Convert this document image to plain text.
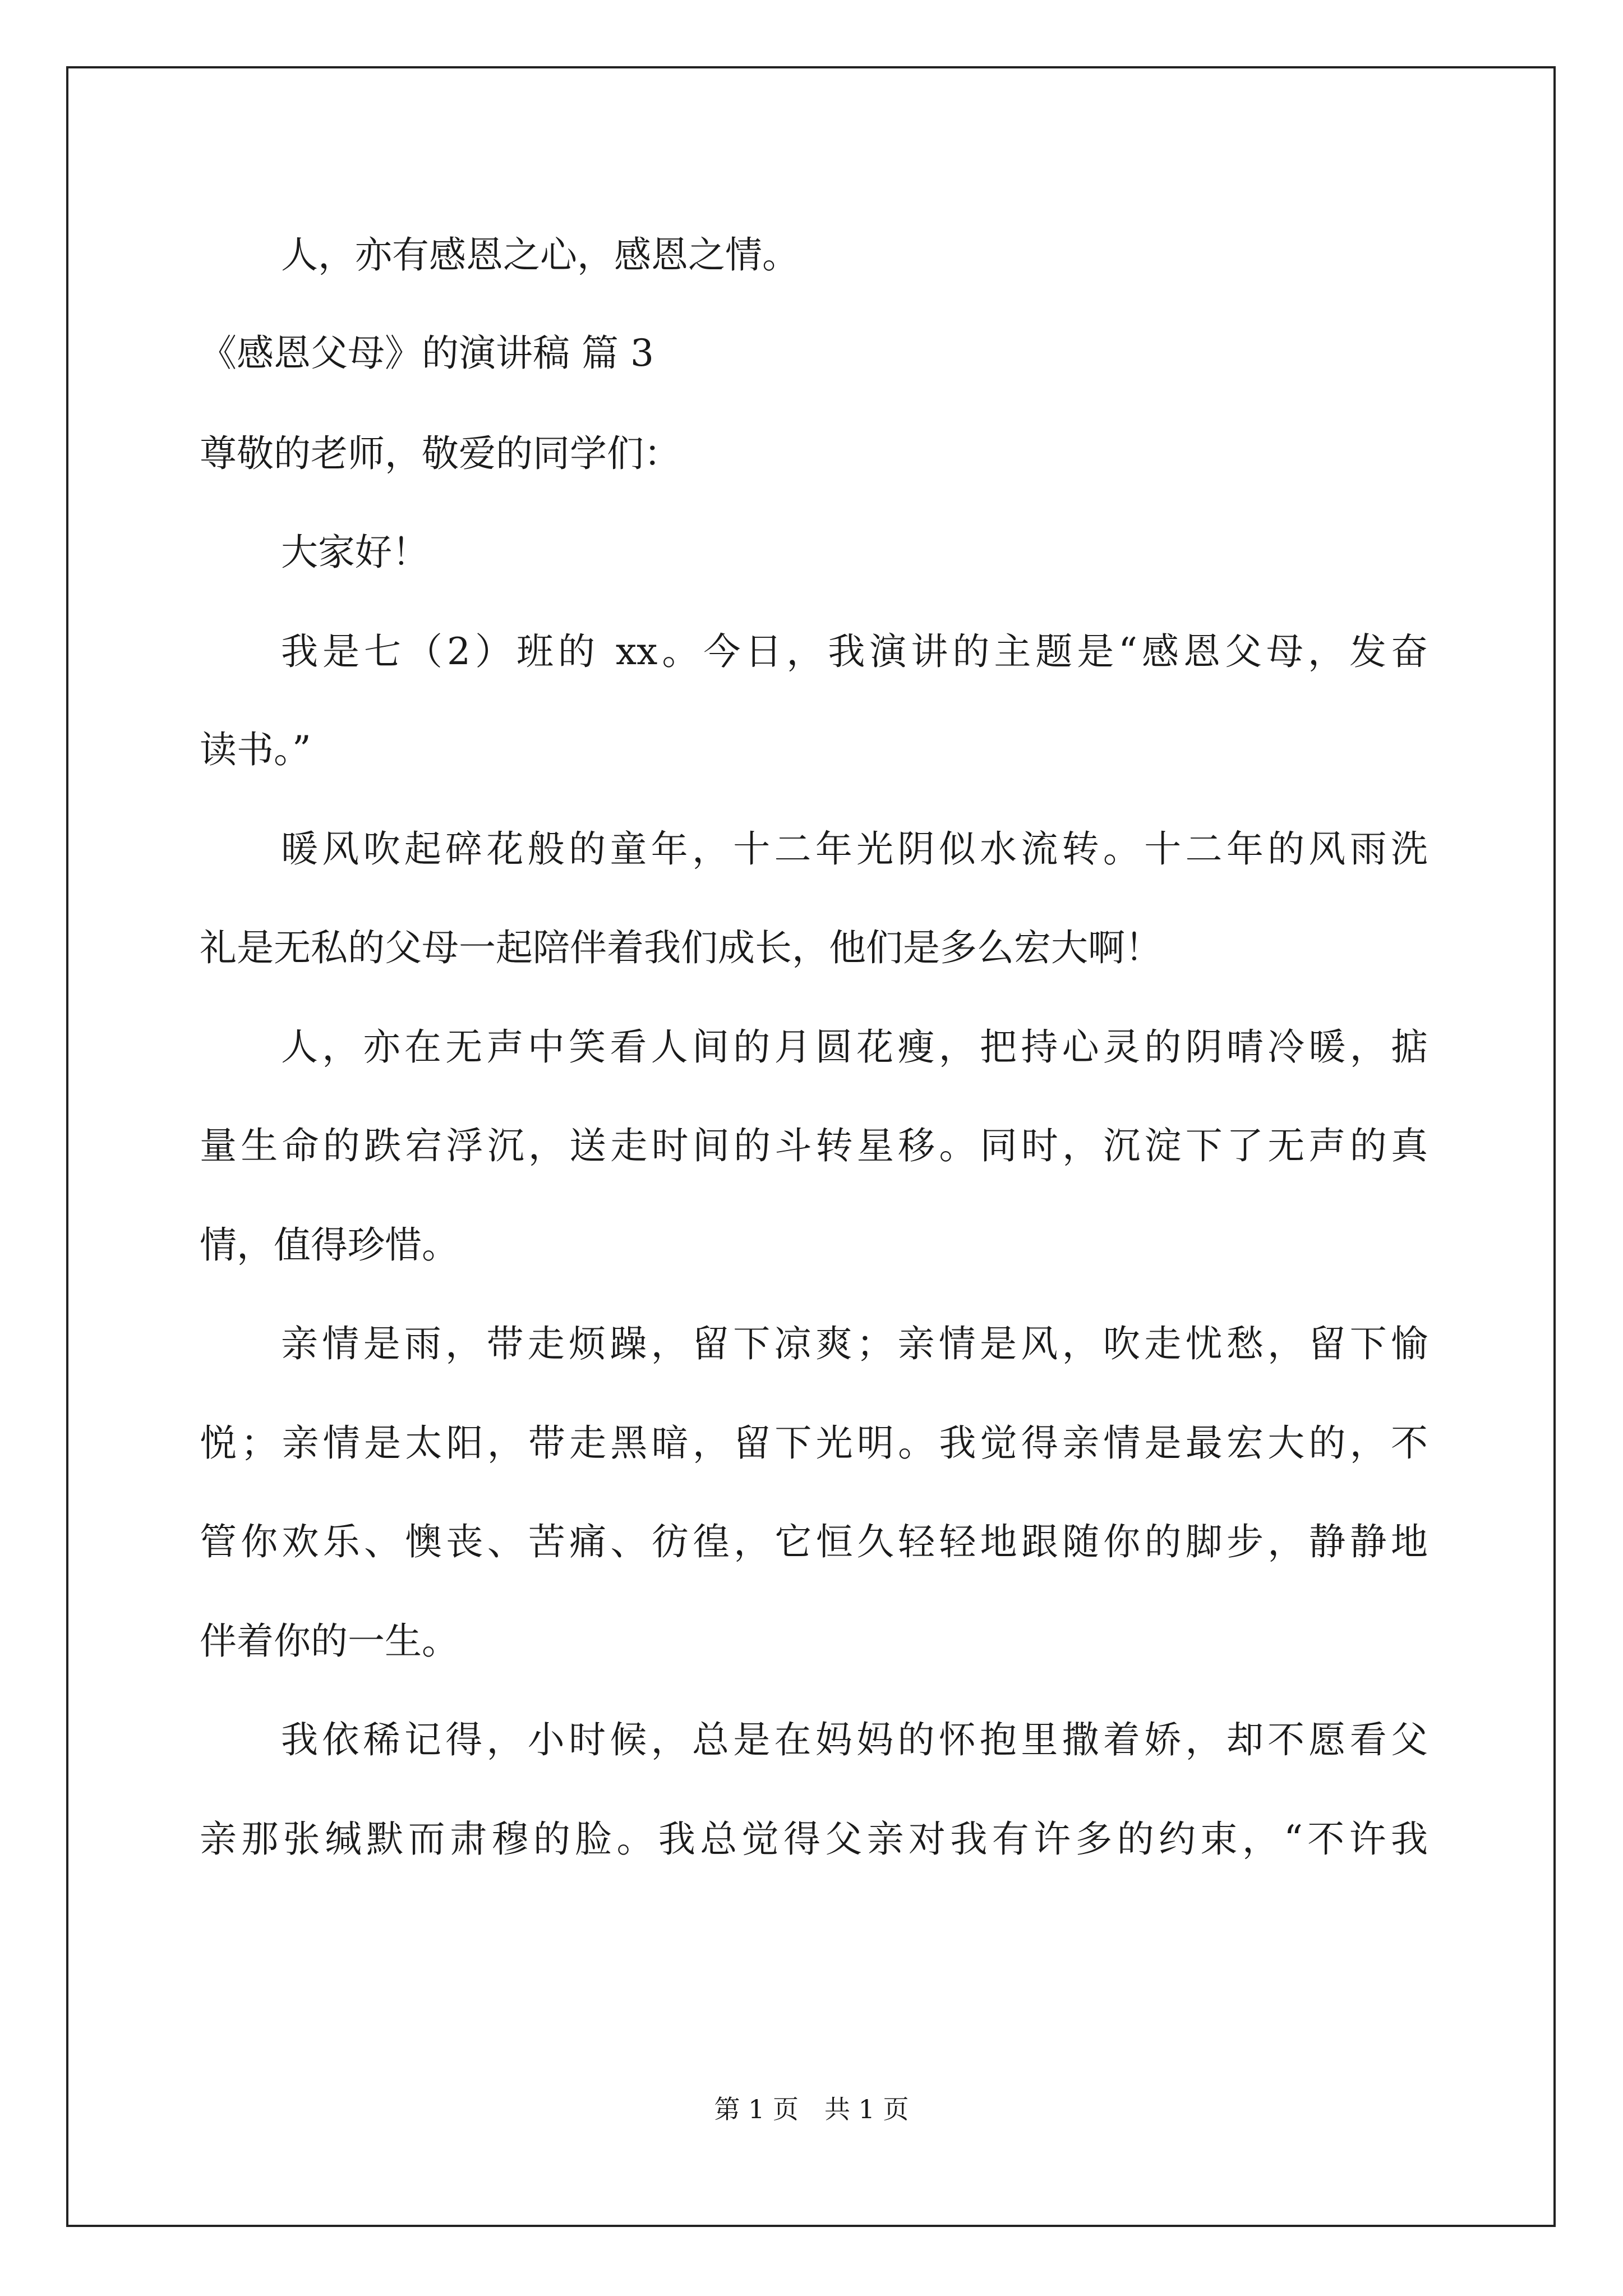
人，亦有感恩之心，感恩之情。
《感恩父母》的演讲稿 篇 3
尊敬的老师，敬爱的同学们：
大家好！
我是七（2）班的 xx。今日，我演讲的主题是“感恩父母，发奋
读书。”
暖风吹起碎花般的童年，十二年光阴似水流转。十二年的风雨洗
礼是无私的父母一起陪伴着我们成长，他们是多么宏大啊！
人，亦在无声中笑看人间的月圆花瘦，把持心灵的阴晴冷暖，掂
量生命的跌宕浮沉，送走时间的斗转星移。同时，沉淀下了无声的真
情，值得珍惜。
亲情是雨，带走烦躁，留下凉爽；亲情是风，吹走忧愁，留下愉
悦；亲情是太阳，带走黑暗，留下光明。我觉得亲情是最宏大的，不
管你欢乐、懊丧、苦痛、彷徨，它恒久轻轻地跟随你的脚步，静静地
伴着你的一生。
我依稀记得，小时候，总是在妈妈的怀抱里撒着娇，却不愿看父
亲那张缄默而肃穆的脸。我总觉得父亲对我有许多的约束，“不许我
第 1 页　共 1 页
